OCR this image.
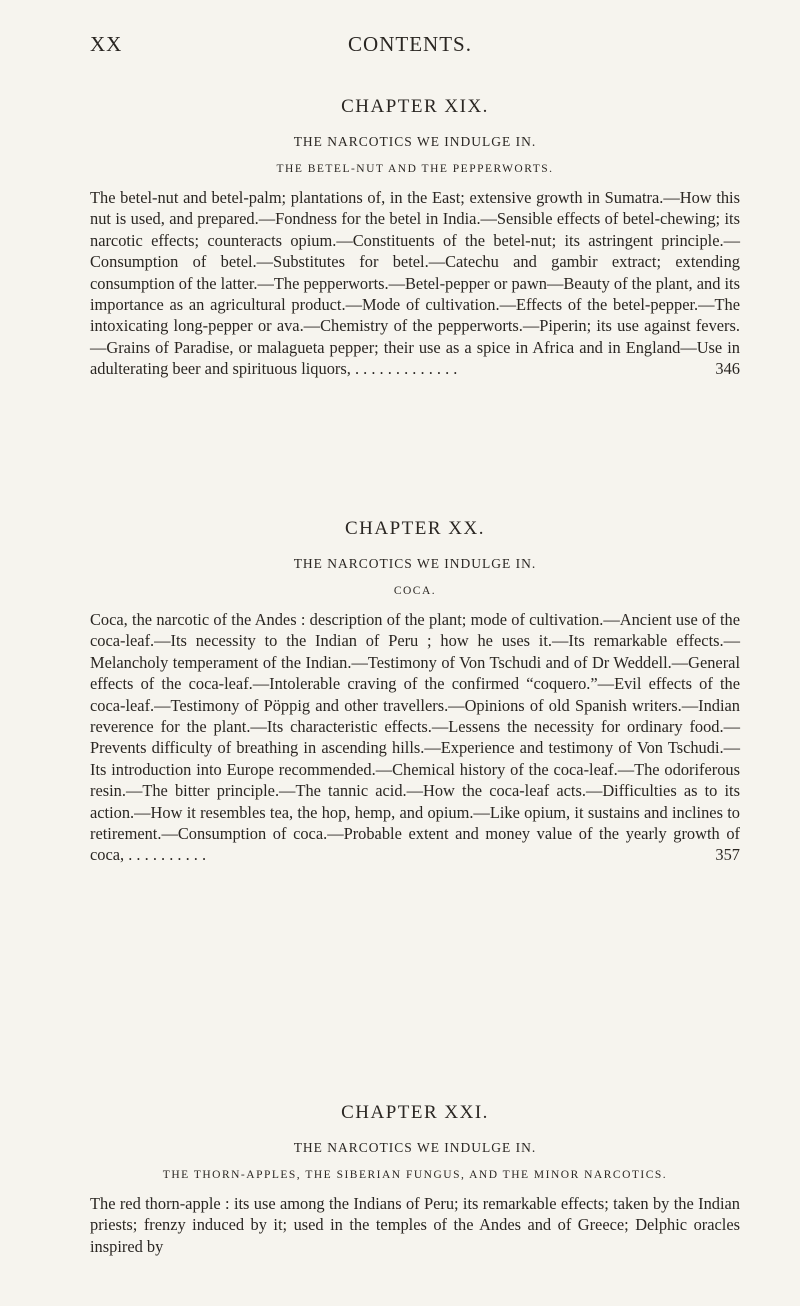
XX	CONTENTS.
CHAPTER XIX.
THE NARCOTICS WE INDULGE IN.
THE BETEL-NUT AND THE PEPPERWORTS.
The betel-nut and betel-palm; plantations of, in the East; extensive growth in Sumatra.—How this nut is used, and prepared.—Fondness for the betel in India.—Sensible effects of betel-chewing; its narcotic effects; counteracts opium.—Constituents of the betel-nut; its astringent principle.—Consumption of betel.—Substitutes for betel.—Catechu and gambir extract; extending consumption of the latter.—The pepperworts.—Betel-pepper or pawn—Beauty of the plant, and its importance as an agricultural product.—Mode of cultivation.—Effects of the betel-pepper.—The intoxicating long-pepper or ava.—Chemistry of the pepperworts.—Piperin; its use against fevers.—Grains of Paradise, or malagueta pepper; their use as a spice in Africa and in England—Use in adulterating beer and spirituous liquors, . . . . . . . . . . . . .	346
CHAPTER XX.
THE NARCOTICS WE INDULGE IN.
COCA.
Coca, the narcotic of the Andes : description of the plant; mode of cultivation.—Ancient use of the coca-leaf.—Its necessity to the Indian of Peru ; how he uses it.—Its remarkable effects.—Melancholy temperament of the Indian.—Testimony of Von Tschudi and of Dr Weddell.—General effects of the coca-leaf.—Intolerable craving of the confirmed “coquero.”—Evil effects of the coca-leaf.—Testimony of Pöppig and other travellers.—Opinions of old Spanish writers.—Indian reverence for the plant.—Its characteristic effects.—Lessens the necessity for ordinary food.—Prevents difficulty of breathing in ascending hills.—Experience and testimony of Von Tschudi.—Its introduction into Europe recommended.—Chemical history of the coca-leaf.—The odoriferous resin.—The bitter principle.—The tannic acid.—How the coca-leaf acts.—Difficulties as to its action.—How it resembles tea, the hop, hemp, and opium.—Like opium, it sustains and inclines to retirement.—Consumption of coca.—Probable extent and money value of the yearly growth of coca, . . . . . . . . . .	357
CHAPTER XXI.
THE NARCOTICS WE INDULGE IN.
THE THORN-APPLES, THE SIBERIAN FUNGUS, AND THE MINOR NARCOTICS.
The red thorn-apple : its use among the Indians of Peru; its remarkable effects; taken by the Indian priests; frenzy induced by it; used in the temples of the Andes and of Greece; Delphic oracles inspired by
